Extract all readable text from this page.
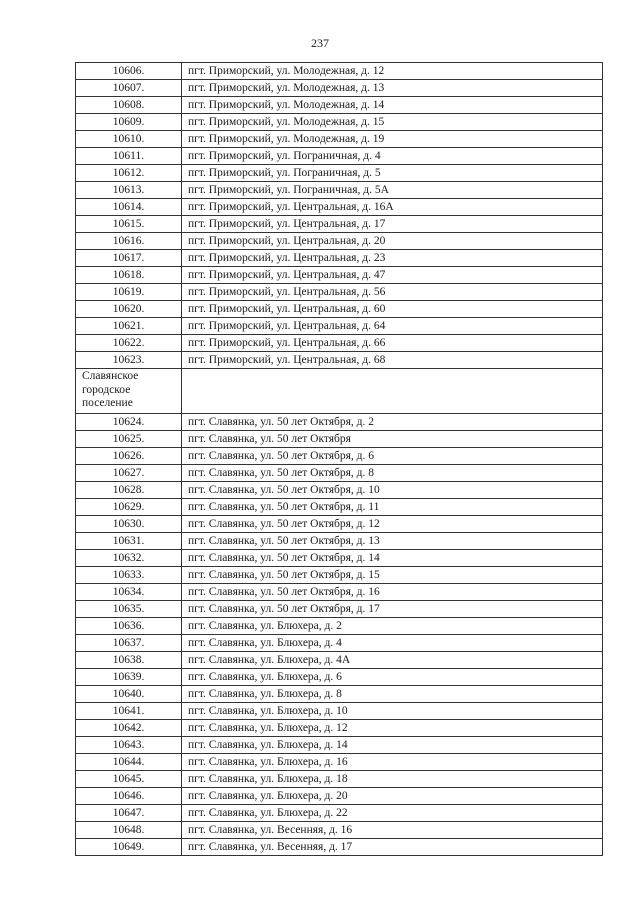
237
10606.	пгт. Приморский, ул. Молодежная, д. 12
10607.	пгт. Приморский, ул. Молодежная, д. 13
10608.	пгт. Приморский, ул. Молодежная, д. 14
10609.	пгт. Приморский, ул. Молодежная, д. 15
10610.	пгт. Приморский, ул. Молодежная, д. 19
10611.	пгт. Приморский, ул. Пограничная, д. 4
10612.	пгт. Приморский, ул. Пограничная, д. 5
10613.	пгт. Приморский, ул. Пограничная, д. 5А
10614.	пгт. Приморский, ул. Центральная, д. 16А
10615.	пгт. Приморский, ул. Центральная, д. 17
10616.	пгт. Приморский, ул. Центральная, д. 20
10617.	пгт. Приморский, ул. Центральная, д. 23
10618.	пгт. Приморский, ул. Центральная, д. 47
10619.	пгт. Приморский, ул. Центральная, д. 56
10620.	пгт. Приморский, ул. Центральная, д. 60
10621.	пгт. Приморский, ул. Центральная, д. 64
10622.	пгт. Приморский, ул. Центральная, д. 66
10623.	пгт. Приморский, ул. Центральная, д. 68

Славянское
городское
поселение	

10624.	пгт. Славянка, ул. 50 лет Октября, д. 2
10625.	пгт. Славянка, ул. 50 лет Октября
10626.	пгт. Славянка, ул. 50 лет Октября, д. 6
10627.	пгт. Славянка, ул. 50 лет Октября, д. 8
10628.	пгт. Славянка, ул. 50 лет Октября, д. 10
10629.	пгт. Славянка, ул. 50 лет Октября, д. 11
10630.	пгт. Славянка, ул. 50 лет Октября, д. 12
10631.	пгт. Славянка, ул. 50 лет Октября, д. 13
10632.	пгт. Славянка, ул. 50 лет Октября, д. 14
10633.	пгт. Славянка, ул. 50 лет Октября, д. 15
10634.	пгт. Славянка, ул. 50 лет Октября, д. 16
10635.	пгт. Славянка, ул. 50 лет Октября, д. 17
10636.	пгт. Славянка, ул. Блюхера, д. 2
10637.	пгт. Славянка, ул. Блюхера, д. 4
10638.	пгт. Славянка, ул. Блюхера, д. 4А
10639.	пгт. Славянка, ул. Блюхера, д. 6
10640.	пгт. Славянка, ул. Блюхера, д. 8
10641.	пгт. Славянка, ул. Блюхера, д. 10
10642.	пгт. Славянка, ул. Блюхера, д. 12
10643.	пгт. Славянка, ул. Блюхера, д. 14
10644.	пгт. Славянка, ул. Блюхера, д. 16
10645.	пгт. Славянка, ул. Блюхера, д. 18
10646.	пгт. Славянка, ул. Блюхера, д. 20
10647.	пгт. Славянка, ул. Блюхера, д. 22
10648.	пгт. Славянка, ул. Весенняя, д. 16
10649.	пгт. Славянка, ул. Весенняя, д. 17
